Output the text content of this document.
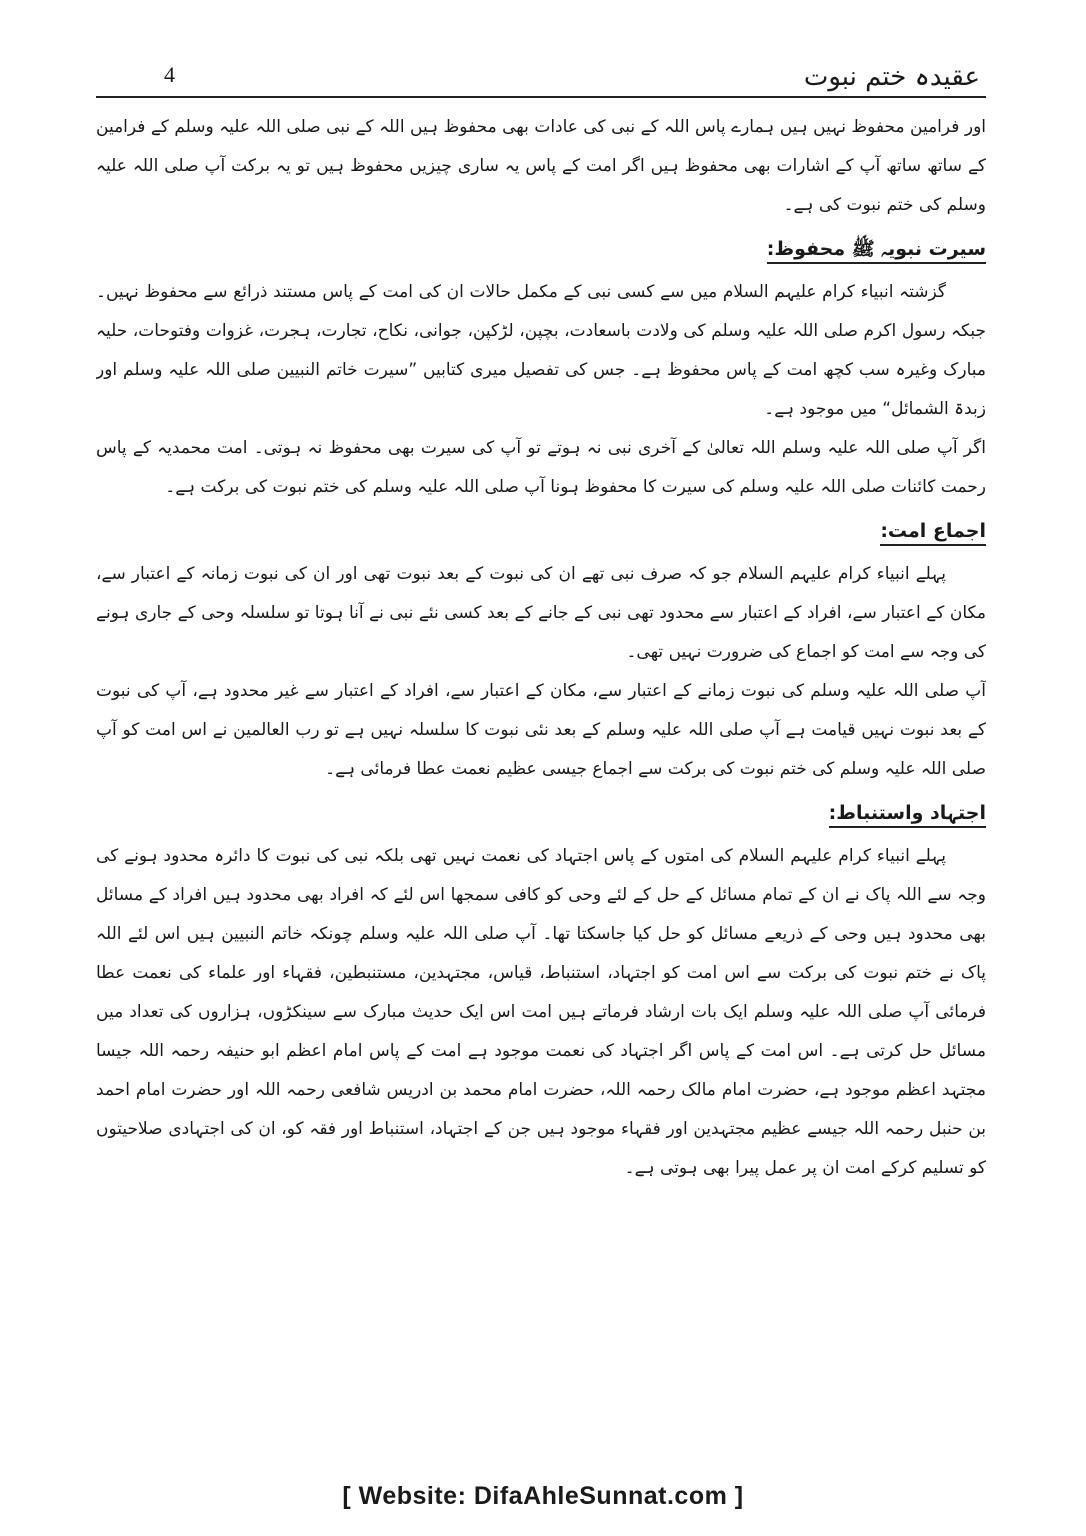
عقیدہ ختم نبوت
4

اور فرامین محفوظ نہیں ہیں ہمارے پاس اللہ کے نبی کی عادات بھی محفوظ ہیں اللہ کے نبی صلی اللہ علیہ وسلم کے فرامین کے ساتھ ساتھ آپ کے اشارات بھی محفوظ ہیں اگر امت کے پاس یہ ساری چیزیں محفوظ ہیں تو یہ برکت آپ صلی اللہ علیہ وسلم کی ختم نبوت کی ہے۔

سیرت نبویہ ﷺ محفوظ:

گزشتہ انبیاء کرام علیہم السلام میں سے کسی نبی کے مکمل حالات ان کی امت کے پاس مستند ذرائع سے محفوظ نہیں۔ جبکہ رسول اکرم صلی اللہ علیہ وسلم کی ولادت باسعادت، بچپن، لڑکپن، جوانی، نکاح، تجارت، ہجرت، غزوات وفتوحات، حلیہ مبارک وغیرہ سب کچھ امت کے پاس محفوظ ہے۔ جس کی تفصیل میری کتابیں ”سیرت خاتم النبیین صلی اللہ علیہ وسلم اور زبدۃ الشمائل“ میں موجود ہے۔

اگر آپ صلی اللہ علیہ وسلم اللہ تعالیٰ کے آخری نبی نہ ہوتے تو آپ کی سیرت بھی محفوظ نہ ہوتی۔ امت محمدیہ کے پاس رحمت کائنات صلی اللہ علیہ وسلم کی سیرت کا محفوظ ہونا آپ صلی اللہ علیہ وسلم کی ختم نبوت کی برکت ہے۔

اجماع امت:

پہلے انبیاء کرام علیہم السلام جو کہ صرف نبی تھے ان کی نبوت کے بعد نبوت تھی اور ان کی نبوت زمانہ کے اعتبار سے، مکان کے اعتبار سے، افراد کے اعتبار سے محدود تھی نبی کے جانے کے بعد کسی نئے نبی نے آنا ہوتا تو سلسلہ وحی کے جاری ہونے کی وجہ سے امت کو اجماع کی ضرورت نہیں تھی۔

آپ صلی اللہ علیہ وسلم کی نبوت زمانے کے اعتبار سے، مکان کے اعتبار سے، افراد کے اعتبار سے غیر محدود ہے، آپ کی نبوت کے بعد نبوت نہیں قیامت ہے آپ صلی اللہ علیہ وسلم کے بعد نئی نبوت کا سلسلہ نہیں ہے تو رب العالمین نے اس امت کو آپ صلی اللہ علیہ وسلم کی ختم نبوت کی برکت سے اجماع جیسی عظیم نعمت عطا فرمائی ہے۔

اجتہاد واستنباط:

پہلے انبیاء کرام علیہم السلام کی امتوں کے پاس اجتہاد کی نعمت نہیں تھی بلکہ نبی کی نبوت کا دائرہ محدود ہونے کی وجہ سے اللہ پاک نے ان کے تمام مسائل کے حل کے لئے وحی کو کافی سمجھا اس لئے کہ افراد بھی محدود ہیں افراد کے مسائل بھی محدود ہیں وحی کے ذریعے مسائل کو حل کیا جاسکتا تھا۔ آپ صلی اللہ علیہ وسلم چونکہ خاتم النبیین ہیں اس لئے اللہ پاک نے ختم نبوت کی برکت سے اس امت کو اجتہاد، استنباط، قیاس، مجتہدین، مستنبطین، فقہاء اور علماء کی نعمت عطا فرمائی آپ صلی اللہ علیہ وسلم ایک بات ارشاد فرماتے ہیں امت اس ایک حدیث مبارک سے سینکڑوں، ہزاروں کی تعداد میں مسائل حل کرتی ہے۔ اس امت کے پاس اگر اجتہاد کی نعمت موجود ہے امت کے پاس امام اعظم ابو حنیفہ رحمہ اللہ جیسا مجتہد اعظم موجود ہے، حضرت امام مالک رحمہ اللہ، حضرت امام محمد بن ادریس شافعی رحمہ اللہ اور حضرت امام احمد بن حنبل رحمہ اللہ جیسے عظیم مجتہدین اور فقہاء موجود ہیں جن کے اجتہاد، استنباط اور فقہ کو، ان کی اجتہادی صلاحیتوں کو تسلیم کرکے امت ان پر عمل پیرا بھی ہوتی ہے۔

[ Website: DifaAhleSunnat.com ]
